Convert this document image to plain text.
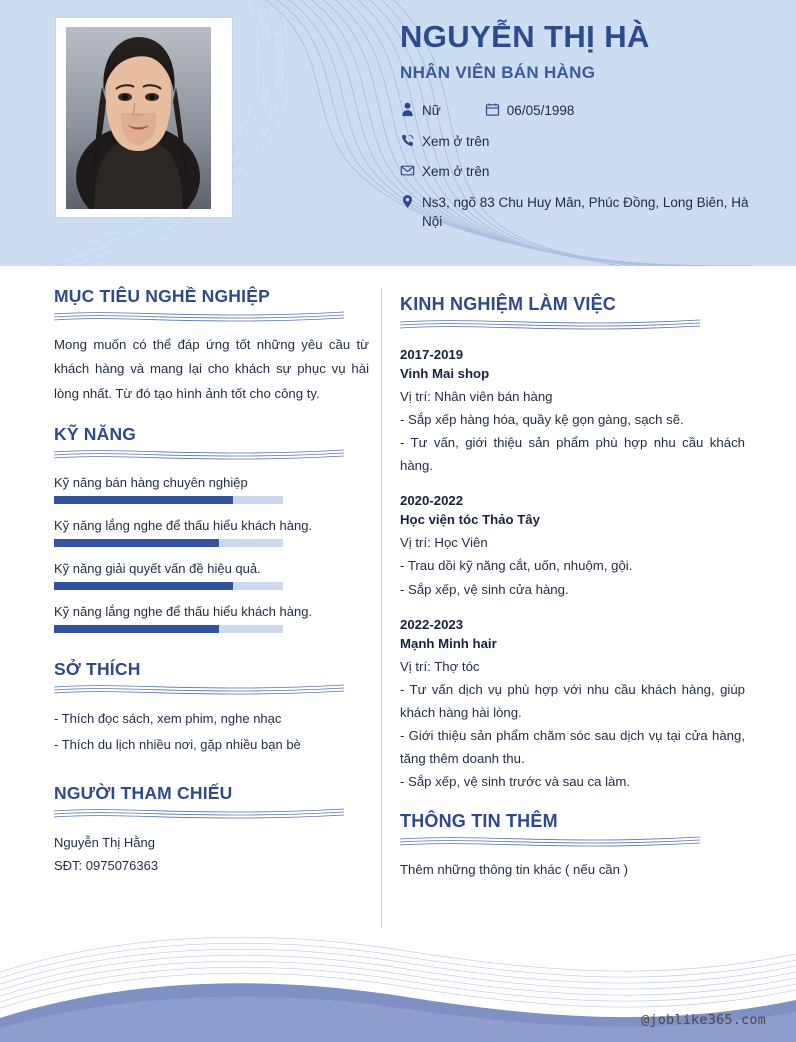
NGUYỄN THỊ HÀ
NHÂN VIÊN BÁN HÀNG
Nữ	06/05/1998
Xem ở trên
Xem ở trên
Ns3, ngõ 83 Chu Huy Mân, Phúc Đồng, Long Biên, Hà Nội
MỤC TIÊU NGHỀ NGHIỆP

Mong muốn có thể đáp ứng tốt những yêu cầu từ khách hàng và mang lại cho khách sự phục vụ hài lòng nhất. Từ đó tạo hình ảnh tốt cho công ty.

KỸ NĂNG
Kỹ năng bán hàng chuyên nghiệp
Kỹ năng lắng nghe để thấu hiểu khách hàng.
Kỹ năng giải quyết vấn đề hiệu quả.
Kỹ năng lắng nghe để thấu hiểu khách hàng.
SỞ THÍCH
- Thích đọc sách, xem phim, nghe nhạc
- Thích du lịch nhiều nơi, gặp nhiều bạn bè
NGƯỜI THAM CHIẾU
Nguyễn Thị Hằng
SĐT: 0975076363
KINH NGHIỆM LÀM VIỆC
2017-2019
Vinh Mai shop
Vị trí: Nhân viên bán hàng
- Sắp xếp hàng hóa, quầy kệ gọn gàng, sạch sẽ.
- Tư vấn, giới thiệu sản phẩm phù hợp nhu cầu khách hàng.
2020-2022
Học viện tóc Thảo Tây
Vị trí: Học Viên
- Trau dồi kỹ năng cắt, uốn, nhuộm, gội.
- Sắp xếp, vệ sinh cửa hàng.
2022-2023
Mạnh Minh hair
Vị trí: Thợ tóc
- Tư vấn dịch vụ phù hợp với nhu cầu khách hàng, giúp khách hàng hài lòng.
- Giới thiệu sản phẩm chăm sóc sau dịch vụ tại cửa hàng, tăng thêm doanh thu.
- Sắp xếp, vệ sinh trước và sau ca làm.
THÔNG TIN THÊM
Thêm những thông tin khác ( nếu cần )
@joblike365.com
